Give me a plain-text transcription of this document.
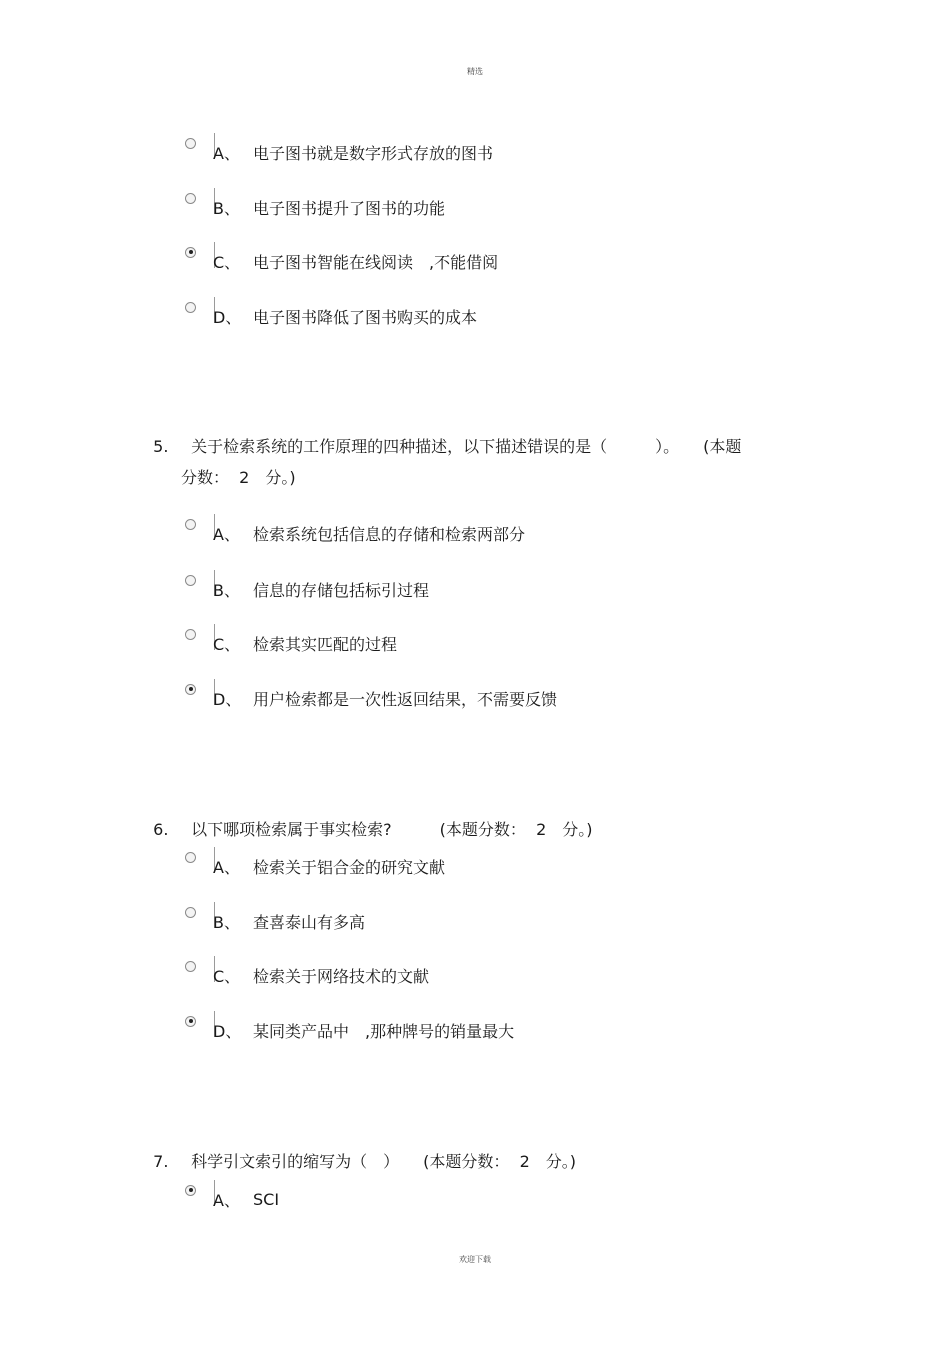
精选
A、 电子图书就是数字形式存放的图书
B、 电子图书提升了图书的功能
C、 电子图书智能在线阅读　,不能借阅
D、 电子图书降低了图书购买的成本

5. 关于检索系统的工作原理的四种描述，以下描述错误的是（　　　）。　　(本题

分数：  2　分。)
A、 检索系统包括信息的存储和检索两部分
B、 信息的存储包括标引过程
C、 检索其实匹配的过程
D、 用户检索都是一次性返回结果，不需要反馈

6. 以下哪项检索属于事实检索?　　　(本题分数：  2　分。)

A、 检索关于铝合金的研究文献
B、 查喜泰山有多高
C、 检索关于网络技术的文献
D、 某同类产品中　,那种牌号的销量最大

7. 科学引文索引的缩写为（　）　　(本题分数：  2　分。)

A、 SCI
欢迎下载
